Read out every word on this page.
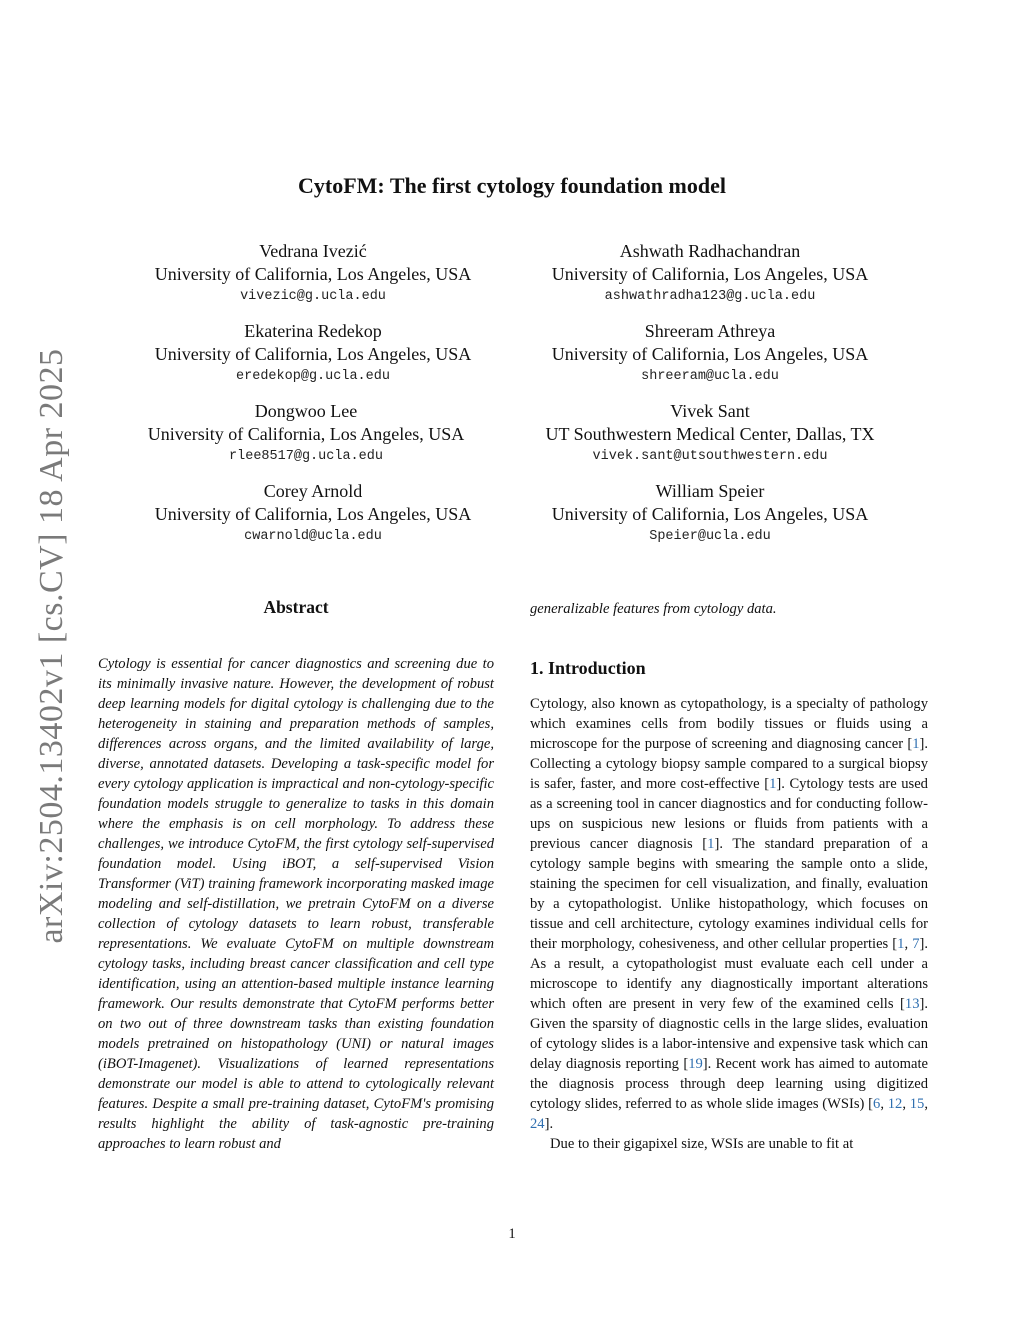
arXiv:2504.13402v1 [cs.CV] 18 Apr 2025
CytoFM: The first cytology foundation model
Vedrana Ivezić
University of California, Los Angeles, USA
vivezic@g.ucla.edu
Ashwath Radhachandran
University of California, Los Angeles, USA
ashwathradha123@g.ucla.edu
Ekaterina Redekop
University of California, Los Angeles, USA
eredekop@g.ucla.edu
Shreeram Athreya
University of California, Los Angeles, USA
shreeram@ucla.edu
Dongwoo Lee
University of California, Los Angeles, USA
rlee8517@g.ucla.edu
Vivek Sant
UT Southwestern Medical Center, Dallas, TX
vivek.sant@utsouthwestern.edu
Corey Arnold
University of California, Los Angeles, USA
cwarnold@ucla.edu
William Speier
University of California, Los Angeles, USA
Speier@ucla.edu
Abstract
Cytology is essential for cancer diagnostics and screening due to its minimally invasive nature. However, the development of robust deep learning models for digital cytology is challenging due to the heterogeneity in staining and preparation methods of samples, differences across organs, and the limited availability of large, diverse, annotated datasets. Developing a task-specific model for every cytology application is impractical and non-cytology-specific foundation models struggle to generalize to tasks in this domain where the emphasis is on cell morphology. To address these challenges, we introduce CytoFM, the first cytology self-supervised foundation model. Using iBOT, a self-supervised Vision Transformer (ViT) training framework incorporating masked image modeling and self-distillation, we pretrain CytoFM on a diverse collection of cytology datasets to learn robust, transferable representations. We evaluate CytoFM on multiple downstream cytology tasks, including breast cancer classification and cell type identification, using an attention-based multiple instance learning framework. Our results demonstrate that CytoFM performs better on two out of three downstream tasks than existing foundation models pretrained on histopathology (UNI) or natural images (iBOT-Imagenet). Visualizations of learned representations demonstrate our model is able to attend to cytologically relevant features. Despite a small pre-training dataset, CytoFM's promising results highlight the ability of task-agnostic pre-training approaches to learn robust and
generalizable features from cytology data.
1. Introduction

Cytology, also known as cytopathology, is a specialty of pathology which examines cells from bodily tissues or fluids using a microscope for the purpose of screening and diagnosing cancer [1]. Collecting a cytology biopsy sample compared to a surgical biopsy is safer, faster, and more cost-effective [1]. Cytology tests are used as a screening tool in cancer diagnostics and for conducting follow-ups on suspicious new lesions or fluids from patients with a previous cancer diagnosis [1]. The standard preparation of a cytology sample begins with smearing the sample onto a slide, staining the specimen for cell visualization, and finally, evaluation by a cytopathologist. Unlike histopathology, which focuses on tissue and cell architecture, cytology examines individual cells for their morphology, cohesiveness, and other cellular properties [1, 7]. As a result, a cytopathologist must evaluate each cell under a microscope to identify any diagnostically important alterations which often are present in very few of the examined cells [13]. Given the sparsity of diagnostic cells in the large slides, evaluation of cytology slides is a labor-intensive and expensive task which can delay diagnosis reporting [19]. Recent work has aimed to automate the diagnosis process through deep learning using digitized cytology slides, referred to as whole slide images (WSIs) [6, 12, 15, 24].

Due to their gigapixel size, WSIs are unable to fit at

1
